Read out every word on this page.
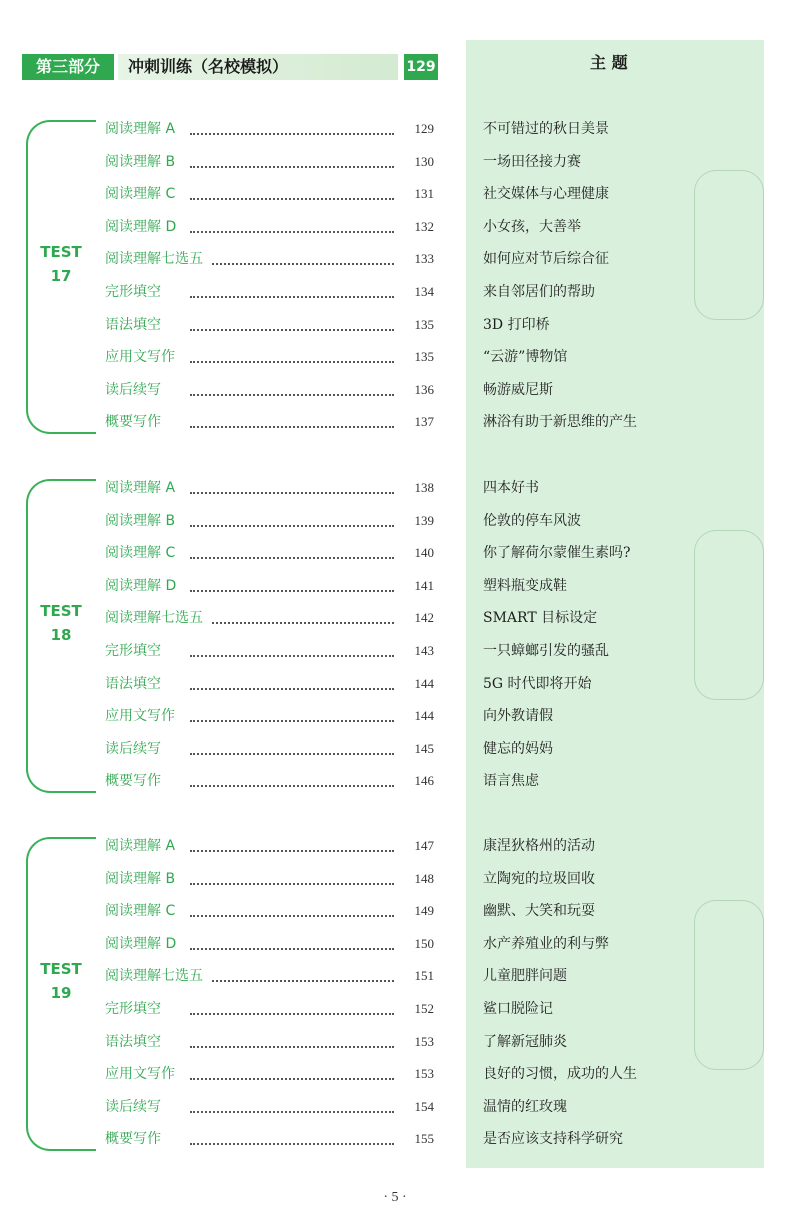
第三部分	冲刺训练（名校模拟）	129	主 题
TEST
17
阅读理解 A	129	不可错过的秋日美景
阅读理解 B	130	一场田径接力赛
阅读理解 C	131	社交媒体与心理健康
阅读理解 D	132	小女孩，大善举
阅读理解七选五	133	如何应对节后综合征
完形填空	134	来自邻居们的帮助
语法填空	135	3D 打印桥
应用文写作	135	“云游”博物馆
读后续写	136	畅游威尼斯
概要写作	137	淋浴有助于新思维的产生
TEST
18
阅读理解 A	138	四本好书
阅读理解 B	139	伦敦的停车风波
阅读理解 C	140	你了解荷尔蒙催生素吗?
阅读理解 D	141	塑料瓶变成鞋
阅读理解七选五	142	SMART 目标设定
完形填空	143	一只蟑螂引发的骚乱
语法填空	144	5G 时代即将开始
应用文写作	144	向外教请假
读后续写	145	健忘的妈妈
概要写作	146	语言焦虑
TEST
19
阅读理解 A	147	康涅狄格州的活动
阅读理解 B	148	立陶宛的垃圾回收
阅读理解 C	149	幽默、大笑和玩耍
阅读理解 D	150	水产养殖业的利与弊
阅读理解七选五	151	儿童肥胖问题
完形填空	152	鲨口脱险记
语法填空	153	了解新冠肺炎
应用文写作	153	良好的习惯，成功的人生
读后续写	154	温情的红玫瑰
概要写作	155	是否应该支持科学研究
· 5 ·
